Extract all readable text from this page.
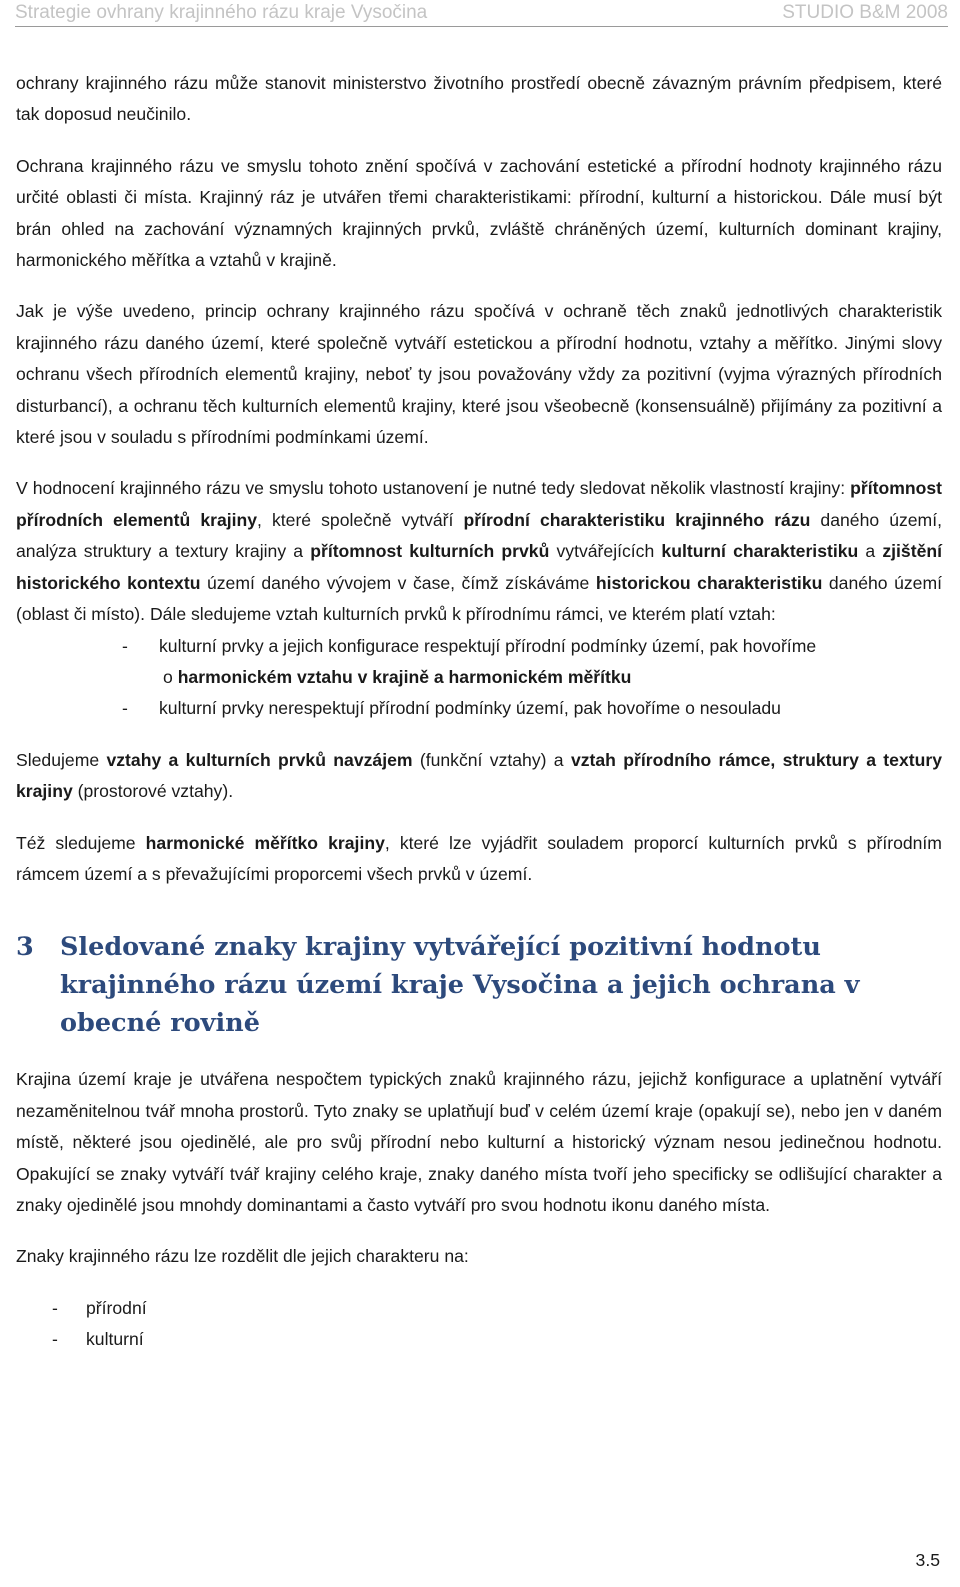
Strategie ovhrany krajinného rázu kraje Vysočina	STUDIO B&M 2008

ochrany krajinného rázu může stanovit ministerstvo životního prostředí obecně závazným právním předpisem, které tak doposud neučinilo.

Ochrana krajinného rázu ve smyslu tohoto znění spočívá v zachování estetické a přírodní hodnoty krajinného rázu určité oblasti či místa. Krajinný ráz je utvářen třemi charakteristikami: přírodní, kulturní a historickou. Dále musí být brán ohled na zachování významných krajinných prvků, zvláště chráněných území, kulturních dominant krajiny, harmonického měřítka a vztahů v krajině.

Jak je výše uvedeno, princip ochrany krajinného rázu spočívá v ochraně těch znaků jednotlivých charakteristik krajinného rázu daného území, které společně vytváří estetickou a přírodní hodnotu, vztahy a měřítko. Jinými slovy ochranu všech přírodních elementů krajiny, neboť ty jsou považovány vždy za pozitivní (vyjma výrazných přírodních disturbancí), a ochranu těch kulturních elementů krajiny, které jsou všeobecně (konsensuálně) přijímány za pozitivní a které jsou v souladu s přírodními podmínkami území.

V hodnocení krajinného rázu ve smyslu tohoto ustanovení je nutné tedy sledovat několik vlastností krajiny: přítomnost přírodních elementů krajiny, které společně vytváří přírodní charakteristiku krajinného rázu daného území, analýza struktury a textury krajiny a přítomnost kulturních prvků vytvářejících kulturní charakteristiku a zjištění historického kontextu území daného vývojem v čase, čímž získáváme historickou charakteristiku daného území (oblast či místo). Dále sledujeme vztah kulturních prvků k přírodnímu rámci, ve kterém platí vztah:

-	kulturní prvky a jejich konfigurace respektují přírodní podmínky území, pak hovoříme
o harmonickém vztahu v krajině a harmonickém měřítku
-	kulturní prvky nerespektují přírodní podmínky území, pak hovoříme o nesouladu

Sledujeme vztahy a kulturních prvků navzájem (funkční vztahy) a vztah přírodního rámce, struktury a textury krajiny (prostorové vztahy).

Též sledujeme harmonické měřítko krajiny, které lze vyjádřit souladem proporcí kulturních prvků s přírodním rámcem území a s převažujícími proporcemi všech prvků v území.

3	Sledované znaky krajiny vytvářející pozitivní hodnotu krajinného rázu území kraje Vysočina a jejich ochrana v obecné rovině

Krajina území kraje je utvářena nespočtem typických znaků krajinného rázu, jejichž konfigurace a uplatnění vytváří nezaměnitelnou tvář mnoha prostorů. Tyto znaky se uplatňují buď v celém území kraje (opakují se), nebo jen v daném místě, některé jsou ojedinělé, ale pro svůj přírodní nebo kulturní a historický význam nesou jedinečnou hodnotu. Opakující se znaky vytváří tvář krajiny celého kraje, znaky daného místa tvoří jeho specificky se odlišující charakter a znaky ojedinělé jsou mnohdy dominantami a často vytváří pro svou hodnotu ikonu daného místa.

Znaky krajinného rázu lze rozdělit dle jejich charakteru na:

-	přírodní
-	kulturní
3.5
